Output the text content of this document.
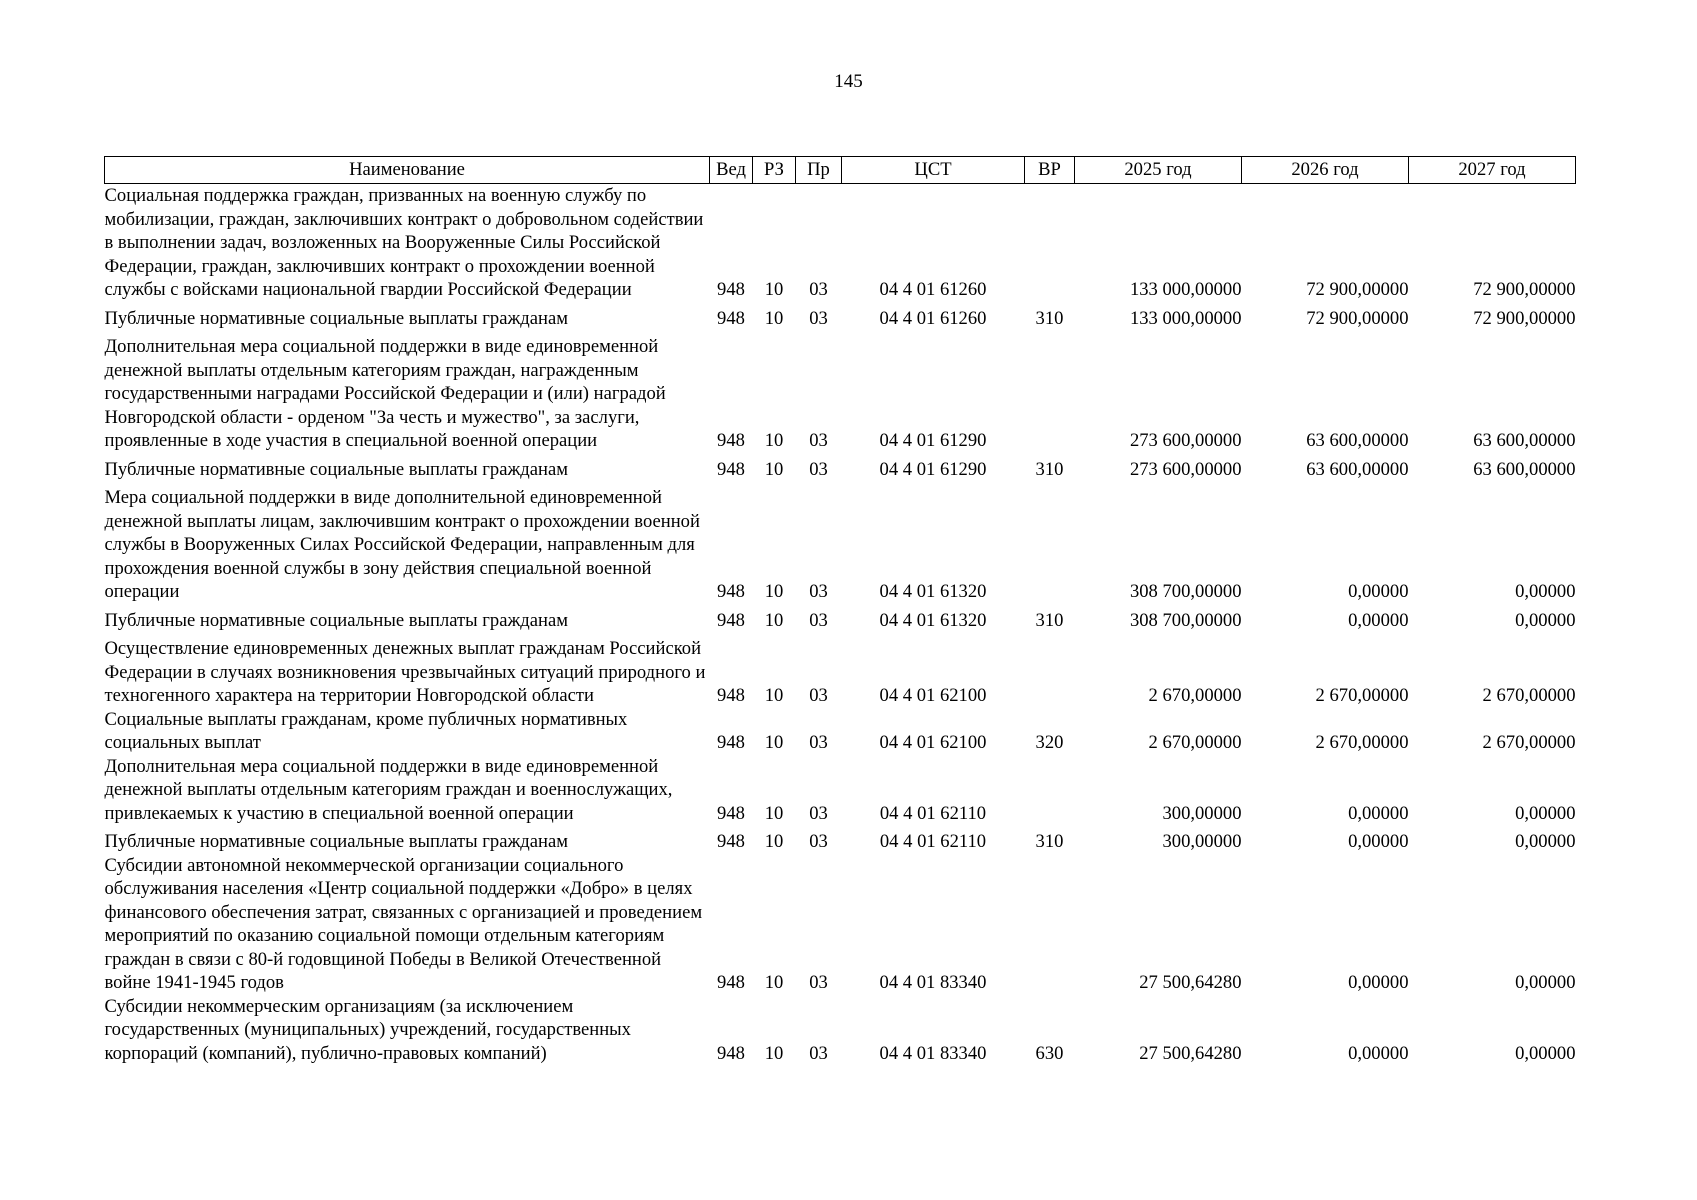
145
Наименование	Вед	РЗ	Пр	ЦСТ	ВР	2025 год	2026 год	2027 год
Социальная поддержка граждан, призванных на военную службу по мобилизации, граждан, заключивших контракт о добровольном содействии в выполнении задач, возложенных на Вооруженные Силы Российской Федерации, граждан, заключивших контракт о прохождении военной службы с войсками национальной гвардии Российской Федерации	948	10	03	04 4 01 61260		133 000,00000	72 900,00000	72 900,00000
Публичные нормативные социальные выплаты гражданам	948	10	03	04 4 01 61260	310	133 000,00000	72 900,00000	72 900,00000
Дополнительная мера социальной поддержки в виде единовременной денежной выплаты отдельным категориям граждан, награжденным государственными наградами Российской Федерации и (или) наградой Новгородской области - орденом "За честь и мужество", за заслуги, проявленные в ходе участия в специальной военной операции	948	10	03	04 4 01 61290		273 600,00000	63 600,00000	63 600,00000
Публичные нормативные социальные выплаты гражданам	948	10	03	04 4 01 61290	310	273 600,00000	63 600,00000	63 600,00000
Мера социальной поддержки в виде дополнительной единовременной денежной выплаты лицам, заключившим контракт о прохождении военной службы в Вооруженных Силах Российской Федерации, направленным для прохождения военной службы в зону действия специальной военной операции	948	10	03	04 4 01 61320		308 700,00000	0,00000	0,00000
Публичные нормативные социальные выплаты гражданам	948	10	03	04 4 01 61320	310	308 700,00000	0,00000	0,00000
Осуществление единовременных денежных выплат гражданам Российской Федерации в случаях возникновения чрезвычайных ситуаций природного и техногенного характера на территории Новгородской области	948	10	03	04 4 01 62100		2 670,00000	2 670,00000	2 670,00000
Социальные выплаты гражданам, кроме публичных нормативных социальных выплат	948	10	03	04 4 01 62100	320	2 670,00000	2 670,00000	2 670,00000
Дополнительная мера социальной поддержки в виде единовременной денежной выплаты отдельным категориям граждан и военнослужащих, привлекаемых к участию в специальной военной операции	948	10	03	04 4 01 62110		300,00000	0,00000	0,00000
Публичные нормативные социальные выплаты гражданам	948	10	03	04 4 01 62110	310	300,00000	0,00000	0,00000
Субсидии автономной некоммерческой организации социального обслуживания населения «Центр социальной поддержки «Добро» в целях финансового обеспечения затрат, связанных с организацией и проведением мероприятий по оказанию социальной помощи отдельным категориям граждан в связи с 80-й годовщиной Победы в Великой Отечественной войне 1941-1945 годов	948	10	03	04 4 01 83340		27 500,64280	0,00000	0,00000
Субсидии некоммерческим организациям (за исключением государственных (муниципальных) учреждений, государственных корпораций (компаний), публично-правовых компаний)	948	10	03	04 4 01 83340	630	27 500,64280	0,00000	0,00000
